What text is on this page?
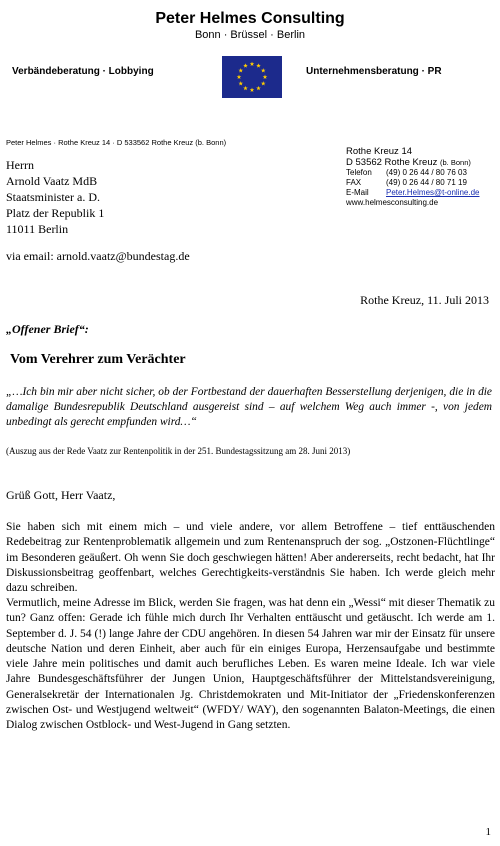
Peter Helmes Consulting
Bonn · Brüssel · Berlin
Verbändeberatung · Lobbying	Unternehmensberatung · PR
Peter Helmes · Rothe Kreuz 14 · D 533562 Rothe Kreuz (b. Bonn)
Rothe Kreuz 14
D 53562 Rothe Kreuz (b. Bonn)
Telefon (49) 0 26 44 / 80 76 03
FAX	(49) 0 26 44 / 80 71 19
E-Mail Peter.Helmes@t-online.de
www.helmesconsulting.de
Herrn
Arnold Vaatz MdB
Staatsminister a. D.
Platz der Republik 1
11011 Berlin
via email: arnold.vaatz@bundestag.de
Rothe Kreuz, 11. Juli 2013
„Offener Brief“:
Vom Verehrer zum Verächter
„…Ich bin mir aber nicht sicher, ob der Fortbestand der dauerhaften Besserstellung derjenigen, die in die damalige Bundesrepublik Deutschland ausgereist sind – auf welchem Weg auch immer -, von jedem unbedingt als gerecht empfunden wird…“
(Auszug aus der Rede Vaatz zur Rentenpolitik in der 251. Bundestagssitzung am 28. Juni 2013)
Grüß Gott, Herr Vaatz,
Sie haben sich mit einem mich – und viele andere, vor allem Betroffene – tief enttäuschenden Redebeitrag zur Rentenproblematik allgemein und zum Rentenanspruch der sog. „Ostzonen-Flüchtlinge“ im Besonderen geäußert. Oh wenn Sie doch geschwiegen hätten! Aber andererseits, recht bedacht, hat Ihr Diskussionsbeitrag geoffenbart, welches Gerechtigkeits-verständnis Sie haben. Ich werde gleich mehr dazu schreiben.
Vermutlich, meine Adresse im Blick, werden Sie fragen, was hat denn ein „Wessi“ mit dieser Thematik zu tun? Ganz offen: Gerade ich fühle mich durch Ihr Verhalten enttäuscht und getäuscht. Ich werde am 1. September d. J. 54 (!) lange Jahre der CDU angehören. In diesen 54 Jahren war mir der Einsatz für unsere deutsche Nation und deren Einheit, aber auch für ein einiges Europa, Herzensaufgabe und bestimmte viele Jahre mein politisches und damit auch berufliches Leben. Es waren meine Ideale. Ich war viele Jahre Bundesgeschäftsführer der Jungen Union, Hauptgeschäftsführer der Mittelstandsvereinigung, Generalsekretär der Internationalen Jg. Christdemokraten und Mit-Initiator der „Friedenskonferenzen zwischen Ost- und Westjugend weltweit“ (WFDY/ WAY), den sogenannten Balaton-Meetings, die einen Dialog zwischen Ostblock- und West-Jugend in Gang setzten.
1
